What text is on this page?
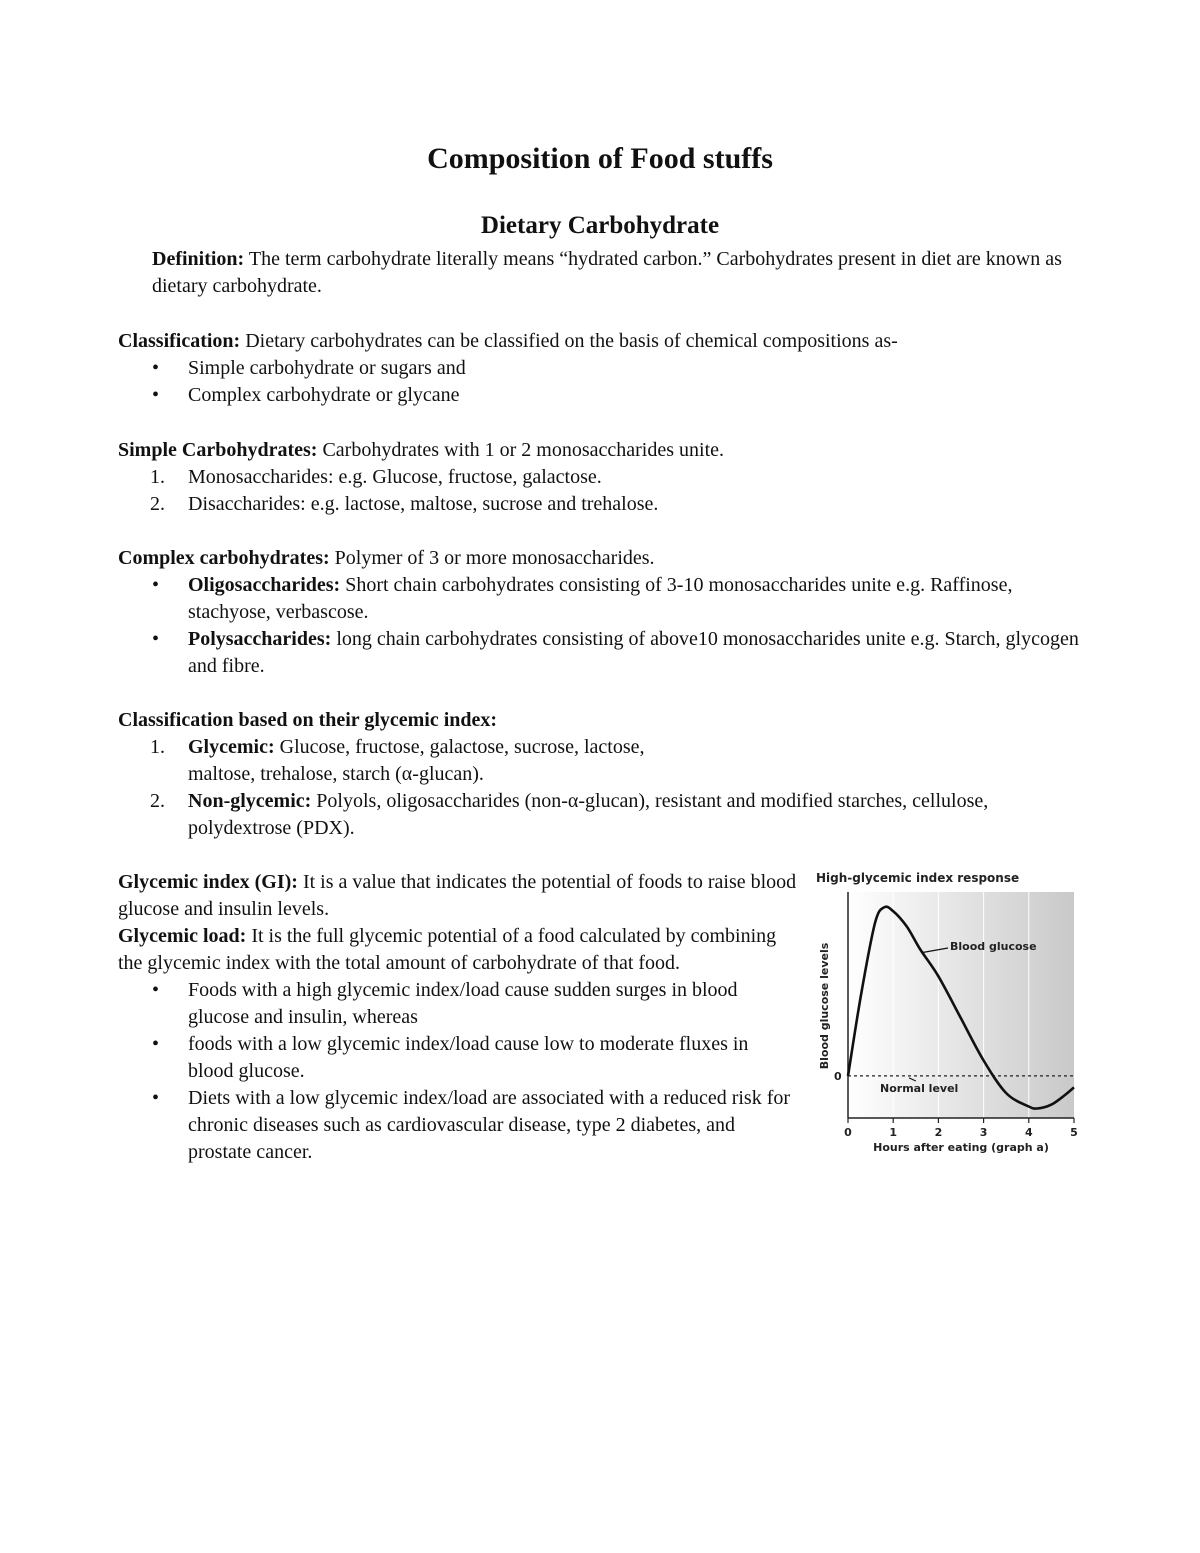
Composition of Food stuffs
Dietary Carbohydrate

Definition: The term carbohydrate literally means “hydrated carbon.” Carbohydrates present in diet are known as dietary carbohydrate.

Classification: Dietary carbohydrates can be classified on the basis of chemical compositions as-

• Simple carbohydrate or sugars and
• Complex carbohydrate or glycane

Simple Carbohydrates: Carbohydrates with 1 or 2 monosaccharides unite.

1. Monosaccharides: e.g. Glucose, fructose, galactose.
2. Disaccharides: e.g. lactose, maltose, sucrose and trehalose.

Complex carbohydrates: Polymer of 3 or more monosaccharides.

• Oligosaccharides: Short chain carbohydrates consisting of 3-10 monosaccharides unite e.g. Raffinose, stachyose, verbascose.
• Polysaccharides: long chain carbohydrates consisting of above10 monosaccharides unite e.g. Starch, glycogen and fibre.

Classification based on their glycemic index:

1. Glycemic: Glucose, fructose, galactose, sucrose, lactose,
maltose, trehalose, starch (α-glucan).
2. Non-glycemic: Polyols, oligosaccharides (non-α-glucan), resistant and modified starches, cellulose, polydextrose (PDX).

Glycemic index (GI): It is a value that indicates the potential of foods to raise blood glucose and insulin levels.

Glycemic load: It is the full glycemic potential of a food calculated by combining the glycemic index with the total amount of carbohydrate of that food.

• Foods with a high glycemic index/load cause sudden surges in blood glucose and insulin, whereas
• foods with a low glycemic index/load cause low to moderate fluxes in blood glucose.
• Diets with a low glycemic index/load are associated with a reduced risk for chronic diseases such as cardiovascular disease, type 2 diabetes, and prostate cancer.
High-glycemic index response
Blood glucose
Normal level
0
0	1	2	3	4	5
Hours after eating (graph a)
Blood glucose levels
